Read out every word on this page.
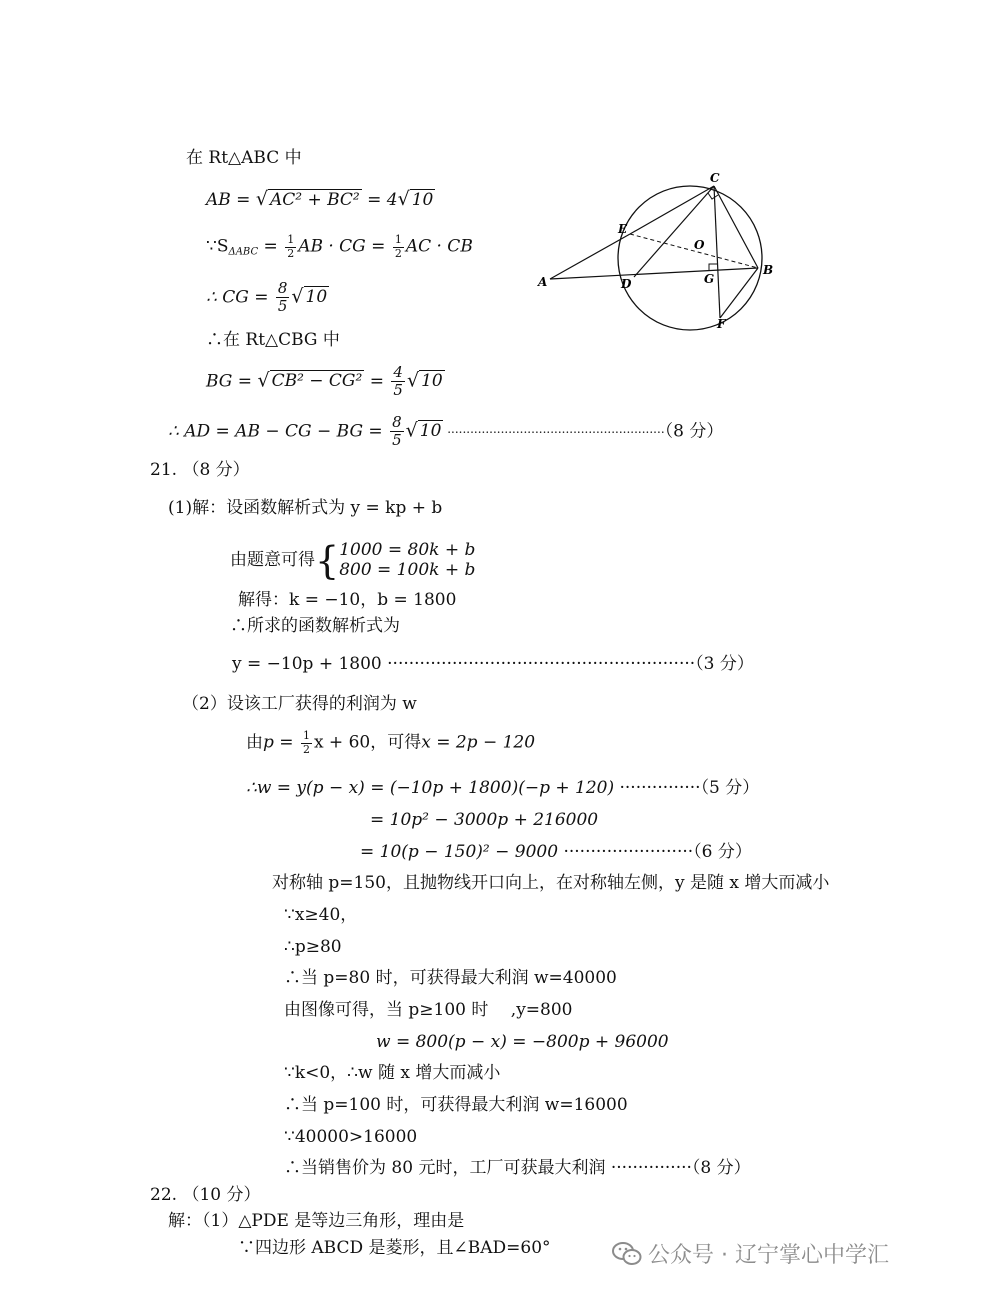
在 Rt△ABC 中
AB = √ AC² + BC² = 4√ 10
$\because S_{\Delta ABC} = \frac{1}{2}$ AB · CG = $\frac{1}{2}$ AC · CB
∴ CG = $\frac{8}{5}$ √ 10
∴在 Rt△CBG 中
BG = √ $CB^2 - CG^2 = \frac{4}{5}$ √ 10
∴ AD = AB − CG − BG = $\frac{8}{5}$ √ 10 ·························································（8 分）
C
E
O
A	D	G
B
F
21. （8 分）
(1)解：设函数解析式为 y = kp + b
由题意可得{1000 = 80k + b
800 = 100k + b
解得：k = −10，b = 1800
∴所求的函数解析式为
y = −10p + 1800 ·························································（3 分）
（2）设该工厂获得的利润为 w
由$p = \frac{1}{2}$ x + 60，可得x = 2p − 120
∴w = y(p − x) = (−10p + 1800)(−p + 120) ···············（5 分）
= 10p² − 3000p + 216000
= 10(p − 150)² − 9000 ························（6 分）
对称轴 p=150，且抛物线开口向上，在对称轴左侧，y 是随 x 增大而减小
∵x≥40，
∴p≥80
∴当 p=80 时，可获得最大利润 w=40000
由图像可得，当 p≥100 时　 ,y=800
w = 800(p − x) = −800p + 96000
∵k<0，∴w 随 x 增大而减小
∴当 p=100 时，可获得最大利润 w=16000
∵40000>16000
∴当销售价为 80 元时，工厂可获最大利润 ···············（8 分）
22. （10 分）
解：（1）△PDE 是等边三角形，理由是
∵四边形 ABCD 是菱形，且∠BAD=60°	公众号 · 辽宁掌心中学汇
